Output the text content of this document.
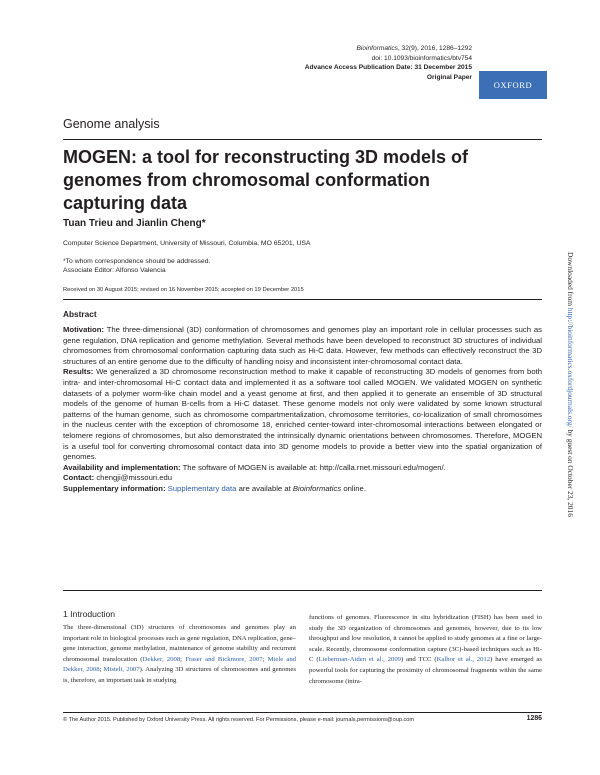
Bioinformatics, 32(9), 2016, 1286–1292
doi: 10.1093/bioinformatics/btv754
Advance Access Publication Date: 31 December 2015
Original Paper
OXFORD
Genome analysis
MOGEN: a tool for reconstructing 3D models of genomes from chromosomal conformation capturing data
Tuan Trieu and Jianlin Cheng*
Computer Science Department, University of Missouri, Columbia, MO 65201, USA
*To whom correspondence should be addressed.
Associate Editor: Alfonso Valencia
Received on 30 August 2015; revised on 16 November 2015; accepted on 19 December 2015
Abstract

Motivation: The three-dimensional (3D) conformation of chromosomes and genomes play an important role in cellular processes such as gene regulation, DNA replication and genome methylation. Several methods have been developed to reconstruct 3D structures of individual chromosomes from chromosomal conformation capturing data such as Hi-C data. However, few methods can effectively reconstruct the 3D structures of an entire genome due to the difficulty of handling noisy and inconsistent inter-chromosomal contact data.

Results: We generalized a 3D chromosome reconstruction method to make it capable of reconstructing 3D models of genomes from both intra- and inter-chromosomal Hi-C contact data and implemented it as a software tool called MOGEN. We validated MOGEN on synthetic datasets of a polymer worm-like chain model and a yeast genome at first, and then applied it to generate an ensemble of 3D structural models of the genome of human B-cells from a Hi-C dataset. These genome models not only were validated by some known structural patterns of the human genome, such as chromosome compartmentalization, chromosome territories, co-localization of small chromosomes in the nucleus center with the exception of chromosome 18, enriched center-toward inter-chromosomal interactions between elongated or telomere regions of chromosomes, but also demonstrated the intrinsically dynamic orientations between chromosomes. Therefore, MOGEN is a useful tool for converting chromosomal contact data into 3D genome models to provide a better view into the spatial organization of genomes.

Availability and implementation: The software of MOGEN is available at: http://calla.rnet.missouri.edu/mogen/.

Contact: chengji@missouri.edu

Supplementary information: Supplementary data are available at Bioinformatics online.

1 Introduction
The three-dimensional (3D) structures of chromosomes and genomes play an important role in biological processes such as gene regulation, DNA replication, gene–gene interaction, genome methylation, maintenance of genome stability and recurrent chromosomal translocation (Dekker, 2008; Fraser and Bickmore, 2007; Miele and Dekker, 2008; Misteli, 2007). Analyzing 3D structures of chromosomes and genomes is, therefore, an important task in studying
functions of genomes. Fluorescence in situ hybridization (FISH) has been used to study the 3D organization of chromosomes and genomes, however, due to its low throughput and low resolution, it cannot be applied to study genomes at a fine or large-scale. Recently, chromosome conformation capture (3C)-based techniques such as Hi-C (Lieberman-Aiden et al., 2009) and TCC (Kalhor et al., 2012) have emerged as powerful tools for capturing the proximity of chromosomal fragments within the same chromosome (intra-
© The Author 2015. Published by Oxford University Press. All rights reserved. For Permissions, please e-mail: journals.permissions@oup.com	1286
Downloaded from http://bioinformatics.oxfordjournals.org/ by guest on October 23, 2016
